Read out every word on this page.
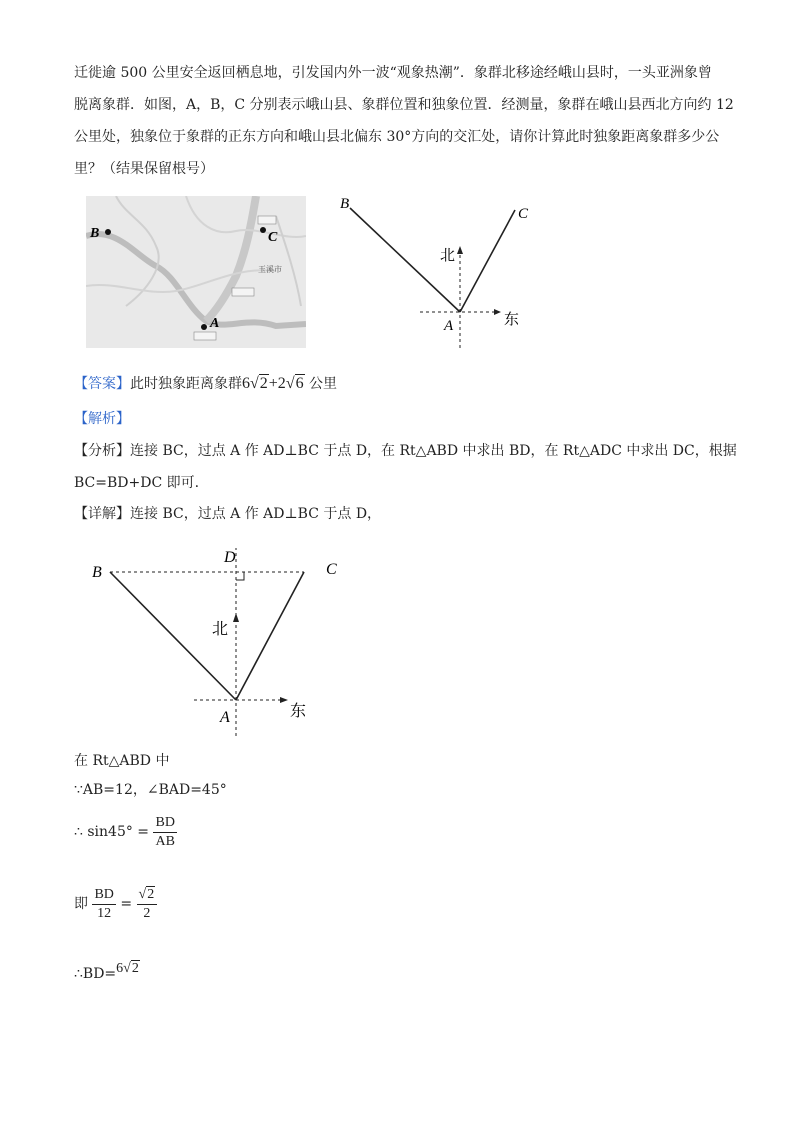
迁徙逾 500 公里安全返回栖息地，引发国内外一波“观象热潮”．象群北移途经峨山县时，一头亚洲象曾
脱离象群．如图，A，B，C 分别表示峨山县、象群位置和独象位置．经测量，象群在峨山县西北方向约 12
公里处，独象位于象群的正东方向和峨山县北偏东 30°方向的交汇处，请你计算此时独象距离象群多少公
里？（结果保留根号）
B	C
玉溪市
A
B
C
A
北
东
【答案】此时独象距离象群6√2+2√6 公里
【解析】
【分析】连接 BC，过点 A 作 AD⊥BC 于点 D，在 Rt△ABD 中求出 BD，在 Rt△ADC 中求出 DC，根据
BC=BD+DC 即可.
【详解】连接 BC，过点 A 作 AD⊥BC 于点 D，
D
B	C
A
北
东
在 Rt△ABD 中
∵AB=12，∠BAD=45°
∴ $\sin 45^\circ = \frac{BD}{AB}$
即 $\frac{BD}{12} = \frac{√2}{2}$
∴BD=6√2
